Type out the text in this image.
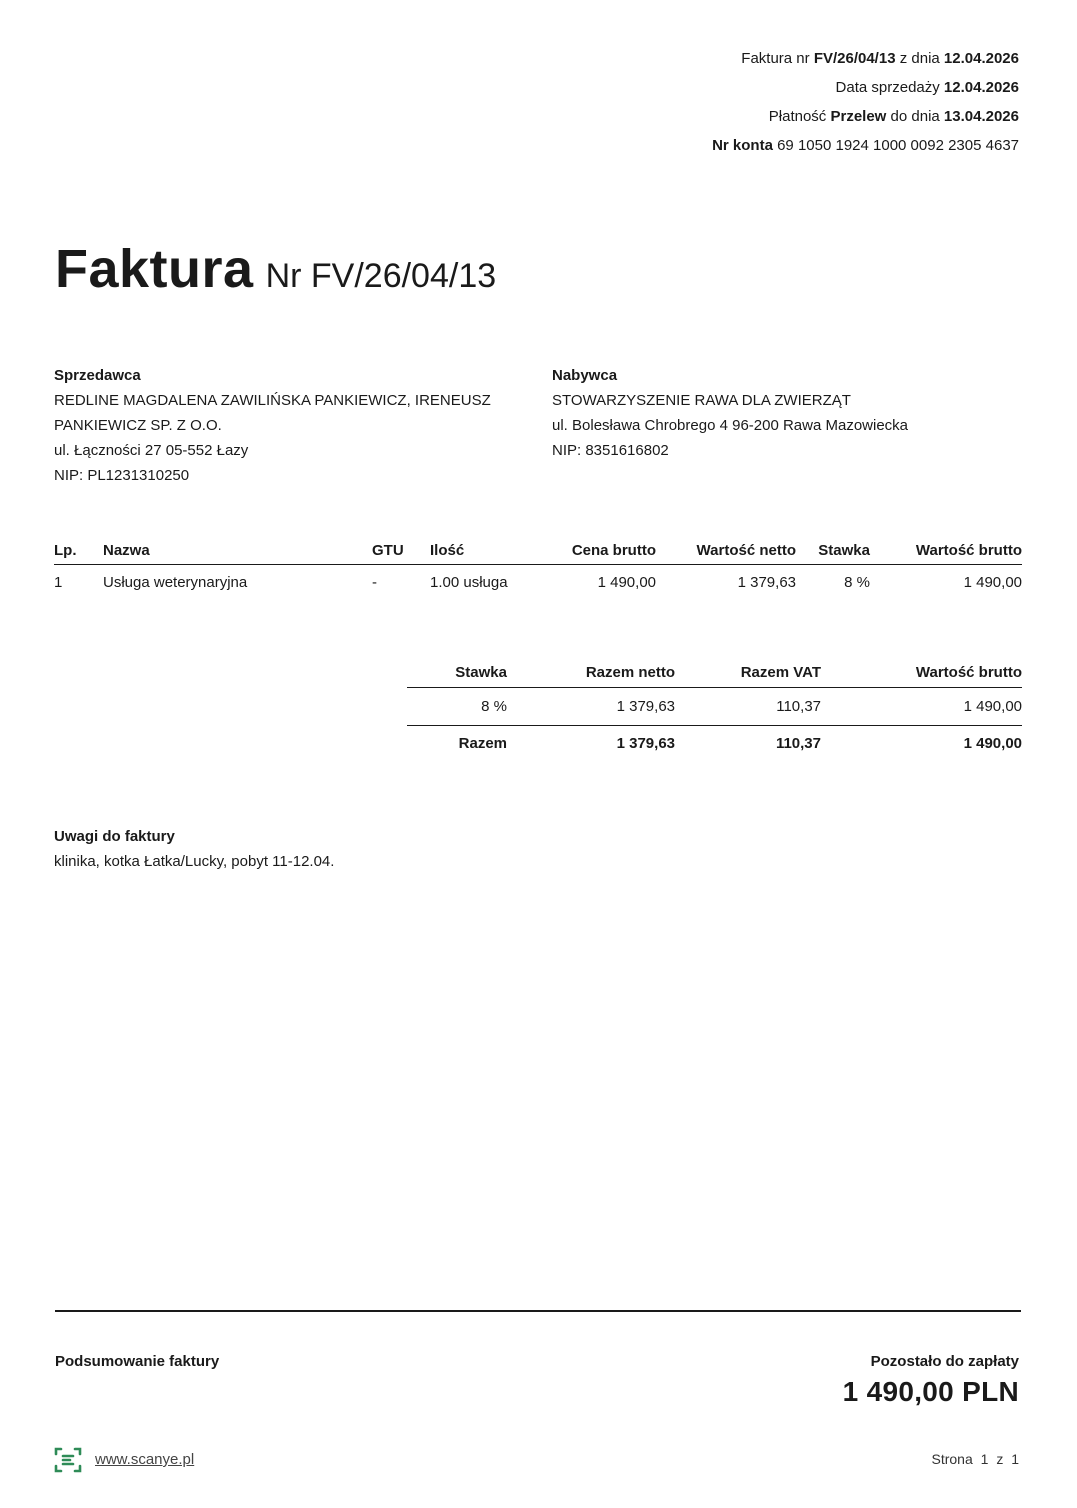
Faktura nr FV/26/04/13 z dnia 12.04.2026
Data sprzedaży 12.04.2026
Płatność Przelew do dnia 13.04.2026
Nr konta 69 1050 1924 1000 0092 2305 4637
Faktura Nr FV/26/04/13
Sprzedawca
REDLINE MAGDALENA ZAWILIŃSKA PANKIEWICZ, IRENEUSZ
PANKIEWICZ SP. Z O.O.
ul. Łączności 27 05-552 Łazy
NIP: PL1231310250
Nabywca
STOWARZYSZENIE RAWA DLA ZWIERZĄT
ul. Bolesława Chrobrego 4 96-200 Rawa Mazowiecka
NIP: 8351616802
Lp.	Nazwa	GTU	Ilość	Cena brutto	Wartość netto	Stawka	Wartość brutto
1	Usługa weterynaryjna	-	1.00 usługa	1 490,00	1 379,63	8 %	1 490,00
Stawka	Razem netto	Razem VAT	Wartość brutto
8 %	1 379,63	110,37	1 490,00
Razem	1 379,63	110,37	1 490,00
Uwagi do faktury
klinika, kotka Łatka/Lucky, pobyt 11-12.04.
Podsumowanie faktury	Pozostało do zapłaty
1 490,00 PLN
www.scanye.pl	Strona 1 z 1
